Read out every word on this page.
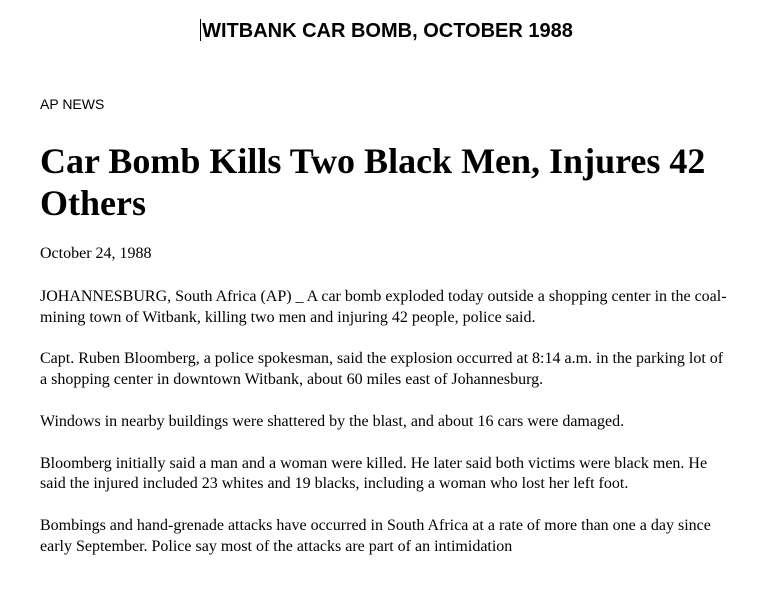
WITBANK CAR BOMB, OCTOBER 1988
AP NEWS
Car Bomb Kills Two Black Men, Injures 42 Others
October 24, 1988

JOHANNESBURG, South Africa (AP) _ A car bomb exploded today outside a shopping center in the coal-mining town of Witbank, killing two men and injuring 42 people, police said.

Capt. Ruben Bloomberg, a police spokesman, said the explosion occurred at 8:14 a.m. in the parking lot of a shopping center in downtown Witbank, about 60 miles east of Johannesburg.

Windows in nearby buildings were shattered by the blast, and about 16 cars were damaged.

Bloomberg initially said a man and a woman were killed. He later said both victims were black men. He said the injured included 23 whites and 19 blacks, including a woman who lost her left foot.

Bombings and hand-grenade attacks have occurred in South Africa at a rate of more than one a day since early September. Police say most of the attacks are part of an intimidation
